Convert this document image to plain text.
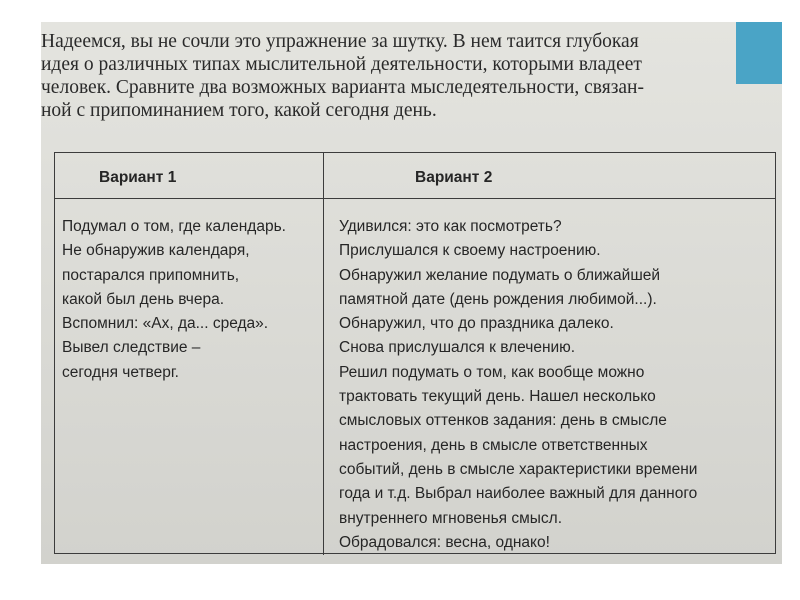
Надеемся, вы не сочли это упражнение за шутку. В нем таится глубокая
идея о различных типах мыслительной деятельности, которыми владеет
человек. Сравните два возможных варианта мыследеятельности, связан-
ной с припоминанием того, какой сегодня день.

Вариант 1	Вариант 2
Подумал о том, где календарь.
Не обнаружив календаря,
постарался припомнить,
какой был день вчера.
Вспомнил: «Ах, да... среда».
Вывел следствие –
сегодня четверг.
Удивился: это как посмотреть?
Прислушался к своему настроению.
Обнаружил желание подумать о ближайшей
памятной дате (день рождения любимой...).
Обнаружил, что до праздника далеко.
Снова прислушался к влечению.
Решил подумать о том, как вообще можно
трактовать текущий день. Нашел несколько
смысловых оттенков задания: день в смысле
настроения, день в смысле ответственных
событий, день в смысле характеристики времени
года и т.д. Выбрал наиболее важный для данного
внутреннего мгновенья смысл.
Обрадовался: весна, однако!
